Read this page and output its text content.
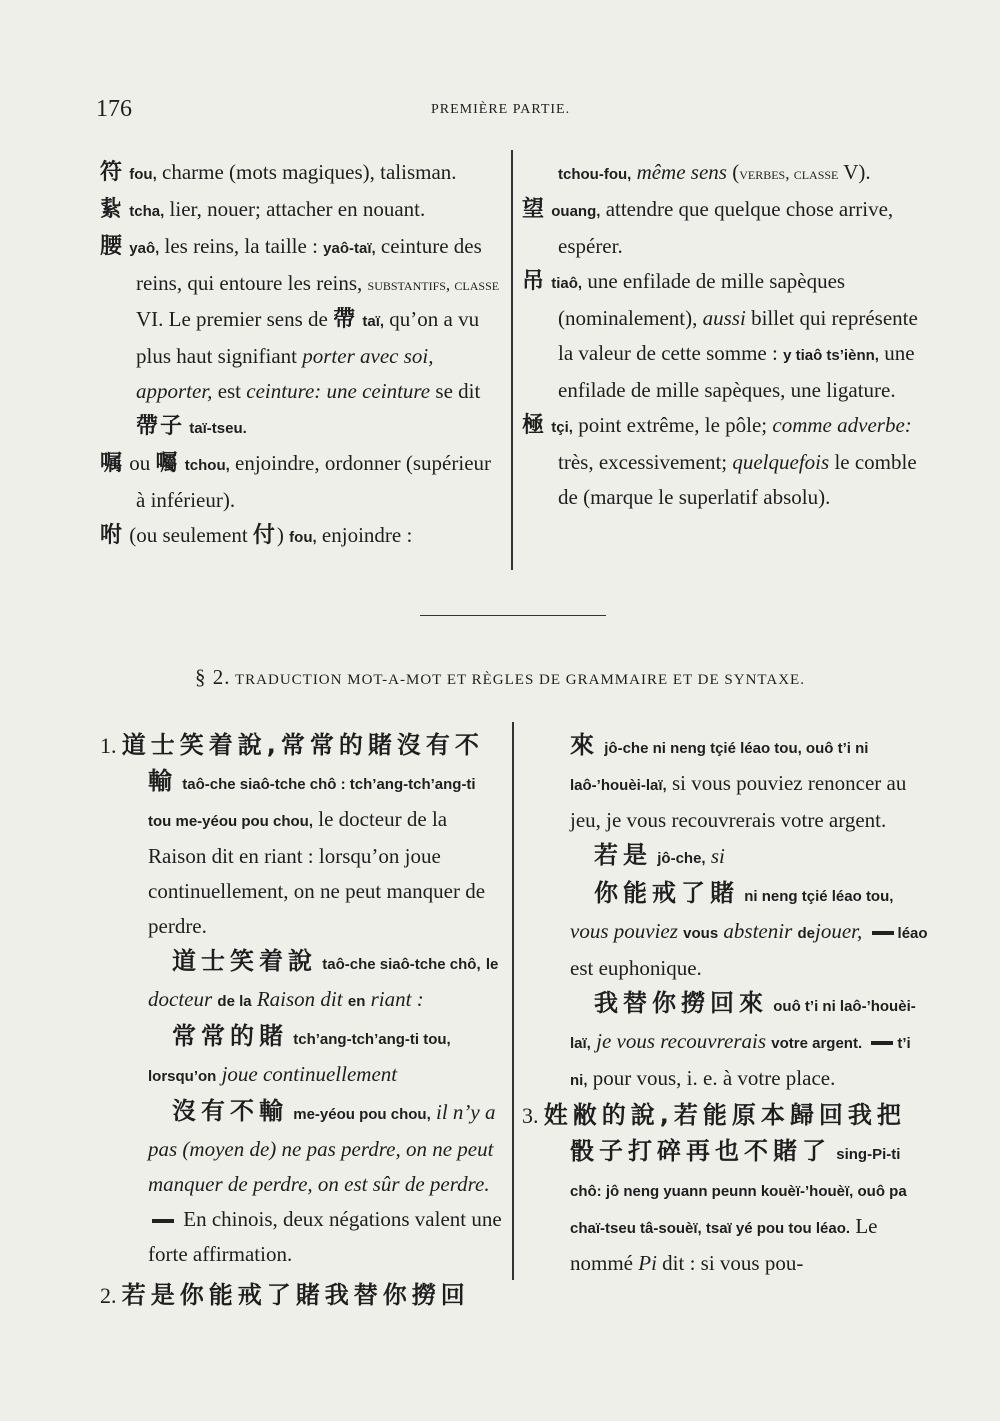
176	PREMIÈRE PARTIE.

符 fou, charme (mots magiques), talisman.

紥 tcha, lier, nouer; attacher en nouant.

腰 yaô, les reins, la taille : yaô-taï, ceinture des reins, qui entoure les reins, substantifs, classe VI. Le premier sens de 帶 taï, qu’on a vu plus haut signifiant porter avec soi, apporter, est ceinture: une ceinture se dit 帶子 taï-tseu.

嘱 ou 囑 tchou, enjoindre, ordonner (supérieur à inférieur).

咐 (ou seulement 付) fou, enjoindre :

tchou-fou, même sens (verbes, classe V).

望 ouang, attendre que quelque chose arrive, espérer.

吊 tiaô, une enfilade de mille sapèques (nominalement), aussi billet qui représente la valeur de cette somme : y tiaô ts’iènn, une enfilade de mille sapèques, une ligature.

極 tçi, point extrême, le pôle; comme adverbe: très, excessivement; quelquefois le comble de (marque le superlatif absolu).

§ 2. TRADUCTION MOT-A-MOT ET RÈGLES DE GRAMMAIRE ET DE SYNTAXE.

1. 道士笑着說,常常的賭沒有不輸 taô-che siaô-tche chô : tch’ang-tch’ang-ti tou me-yéou pou chou, le docteur de la Raison dit en riant : lorsqu’on joue continuellement, on ne peut manquer de perdre.

道士笑着說 taô-che siaô-tche chô, le docteur de la Raison dit en riant :

常常的賭 tch’ang-tch’ang-ti tou, lorsqu’on joue continuellement

沒有不輸 me-yéou pou chou, il n’y a pas (moyen de) ne pas perdre, on ne peut manquer de perdre, on est sûr de perdre.  En chinois, deux négations valent une forte affirmation.

2. 若是你能戒了賭我替你撈回

來 jô-che ni neng tçié léao tou, ouô t’i ni laô-’houèi-laï, si vous pouviez renoncer au jeu, je vous recouvrerais votre argent.

若是 jô-che, si

你能戒了賭 ni neng tçié léao tou, vous pouviez vous abstenir dejouer, léao est euphonique.

我替你撈回來 ouô t’i ni laô-’houèi-laï, je vous recouvrerais votre argent. t’i ni, pour vous, i. e. à votre place.

3. 姓敝的說,若能原本歸回我把骰子打碎再也不賭了 sing-Pi-ti chô: jô neng yuann peunn kouèï-’houèï, ouô pa chaï-tseu tâ-souèï, tsaï yé pou tou léao. Le nommé Pi dit : si vous pou-
